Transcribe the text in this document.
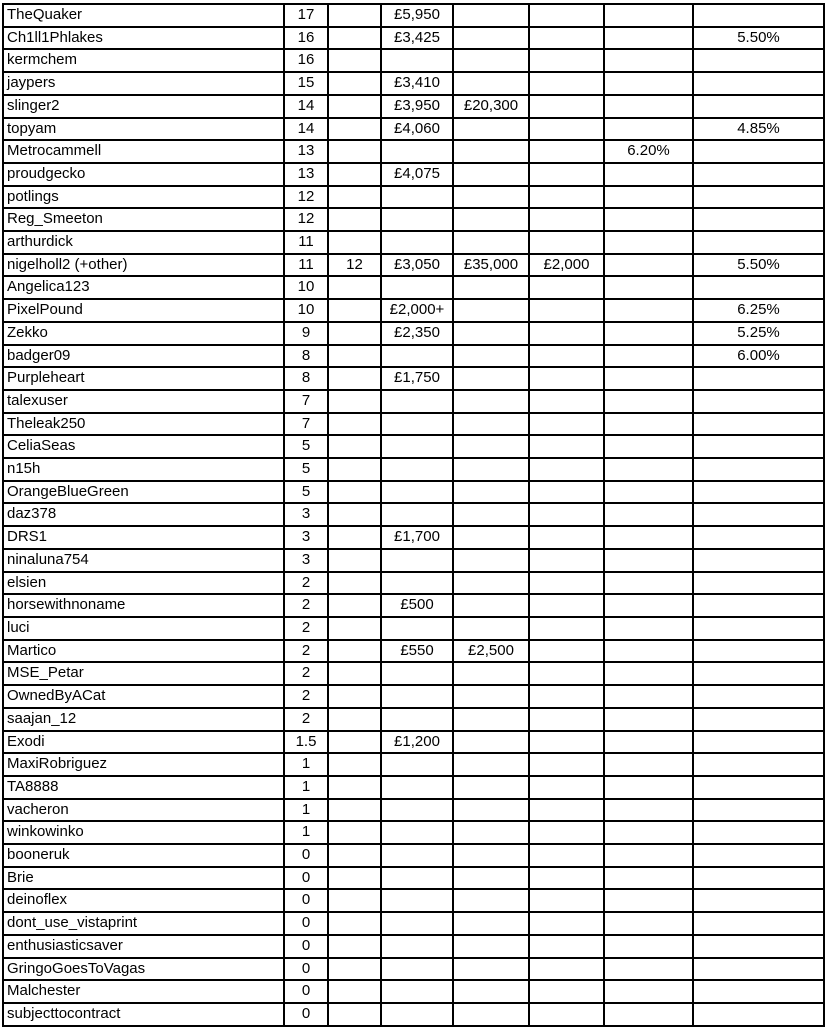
TheQuaker	17		£5,950				
Ch1ll1Phlakes	16		£3,425				5.50%
kermchem	16						
jaypers	15		£3,410				
slinger2	14		£3,950	£20,300			
topyam	14		£4,060				4.85%
Metrocammell	13					6.20%	
proudgecko	13		£4,075				
potlings	12						
Reg_Smeeton	12						
arthurdick	11						
nigelholl2 (+other)	11	12	£3,050	£35,000	£2,000		5.50%
Angelica123	10						
PixelPound	10		£2,000+				6.25%
Zekko	9		£2,350				5.25%
badger09	8						6.00%
Purpleheart	8		£1,750				
talexuser	7						
Theleak250	7						
CeliaSeas	5						
n15h	5						
OrangeBlueGreen	5						
daz378	3						
DRS1	3		£1,700				
ninaluna754	3						
elsien	2						
horsewithnoname	2		£500				
luci	2						
Martico	2		£550	£2,500			
MSE_Petar	2						
OwnedByACat	2						
saajan_12	2						
Exodi	1.5		£1,200				
MaxiRobriguez	1						
TA8888	1						
vacheron	1						
winkowinko	1						
booneruk	0						
Brie	0						
deinoflex	0						
dont_use_vistaprint	0						
enthusiasticsaver	0						
GringoGoesToVagas	0						
Malchester	0						
subjecttocontract	0						
